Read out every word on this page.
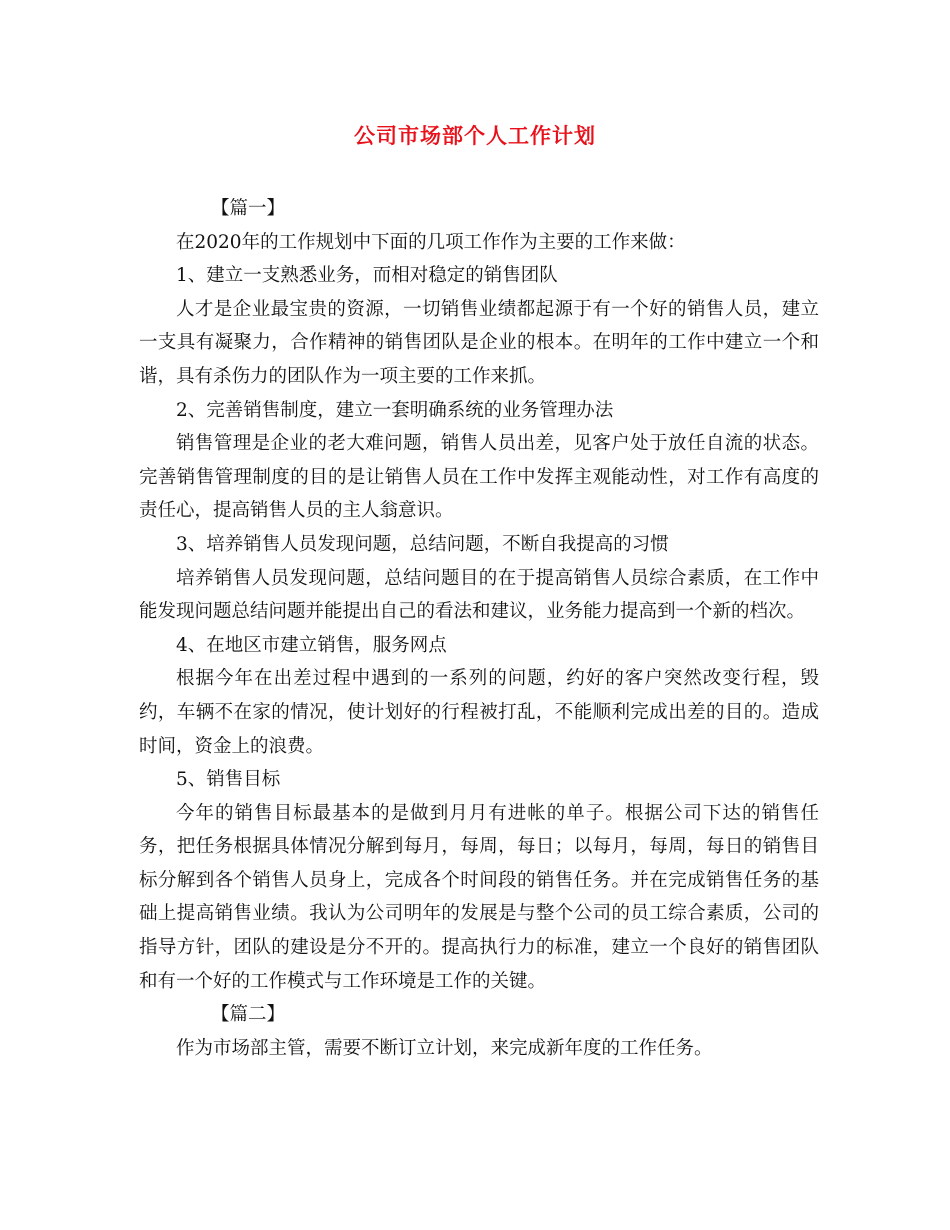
公司市场部个人工作计划

【篇一】

在2020年的工作规划中下面的几项工作作为主要的工作来做：

1、建立一支熟悉业务，而相对稳定的销售团队

人才是企业最宝贵的资源，一切销售业绩都起源于有一个好的销售人员，建立一支具有凝聚力，合作精神的销售团队是企业的根本。在明年的工作中建立一个和谐，具有杀伤力的团队作为一项主要的工作来抓。

2、完善销售制度，建立一套明确系统的业务管理办法

销售管理是企业的老大难问题，销售人员出差，见客户处于放任自流的状态。完善销售管理制度的目的是让销售人员在工作中发挥主观能动性，对工作有高度的责任心，提高销售人员的主人翁意识。

3、培养销售人员发现问题，总结问题，不断自我提高的习惯

培养销售人员发现问题，总结问题目的在于提高销售人员综合素质，在工作中能发现问题总结问题并能提出自己的看法和建议，业务能力提高到一个新的档次。

4、在地区市建立销售，服务网点

根据今年在出差过程中遇到的一系列的问题，约好的客户突然改变行程，毁约，车辆不在家的情况，使计划好的行程被打乱，不能顺利完成出差的目的。造成时间，资金上的浪费。

5、销售目标

今年的销售目标最基本的是做到月月有进帐的单子。根据公司下达的销售任务，把任务根据具体情况分解到每月，每周，每日；以每月，每周，每日的销售目标分解到各个销售人员身上，完成各个时间段的销售任务。并在完成销售任务的基础上提高销售业绩。我认为公司明年的发展是与整个公司的员工综合素质，公司的指导方针，团队的建设是分不开的。提高执行力的标准，建立一个良好的销售团队和有一个好的工作模式与工作环境是工作的关键。

【篇二】

作为市场部主管，需要不断订立计划，来完成新年度的工作任务。
